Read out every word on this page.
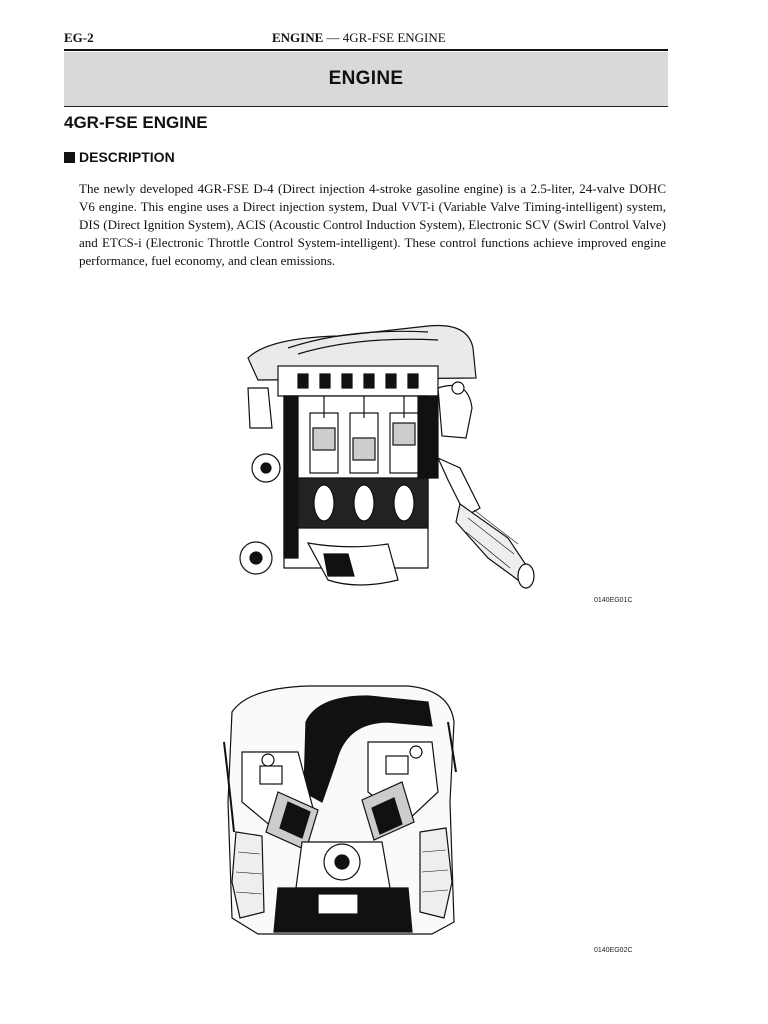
EG-2	ENGINE — 4GR-FSE ENGINE
ENGINE
4GR-FSE ENGINE
DESCRIPTION

The newly developed 4GR-FSE D-4 (Direct injection 4-stroke gasoline engine) is a 2.5-liter, 24-valve DOHC V6 engine. This engine uses a Direct injection system, Dual VVT-i (Variable Valve Timing-intelligent) system, DIS (Direct Ignition System), ACIS (Acoustic Control Induction System), Electronic SCV (Swirl Control Valve) and ETCS-i (Electronic Throttle Control System-intelligent). These control functions achieve improved engine performance, fuel economy, and clean emissions.

0140EG01C
0140EG02C
